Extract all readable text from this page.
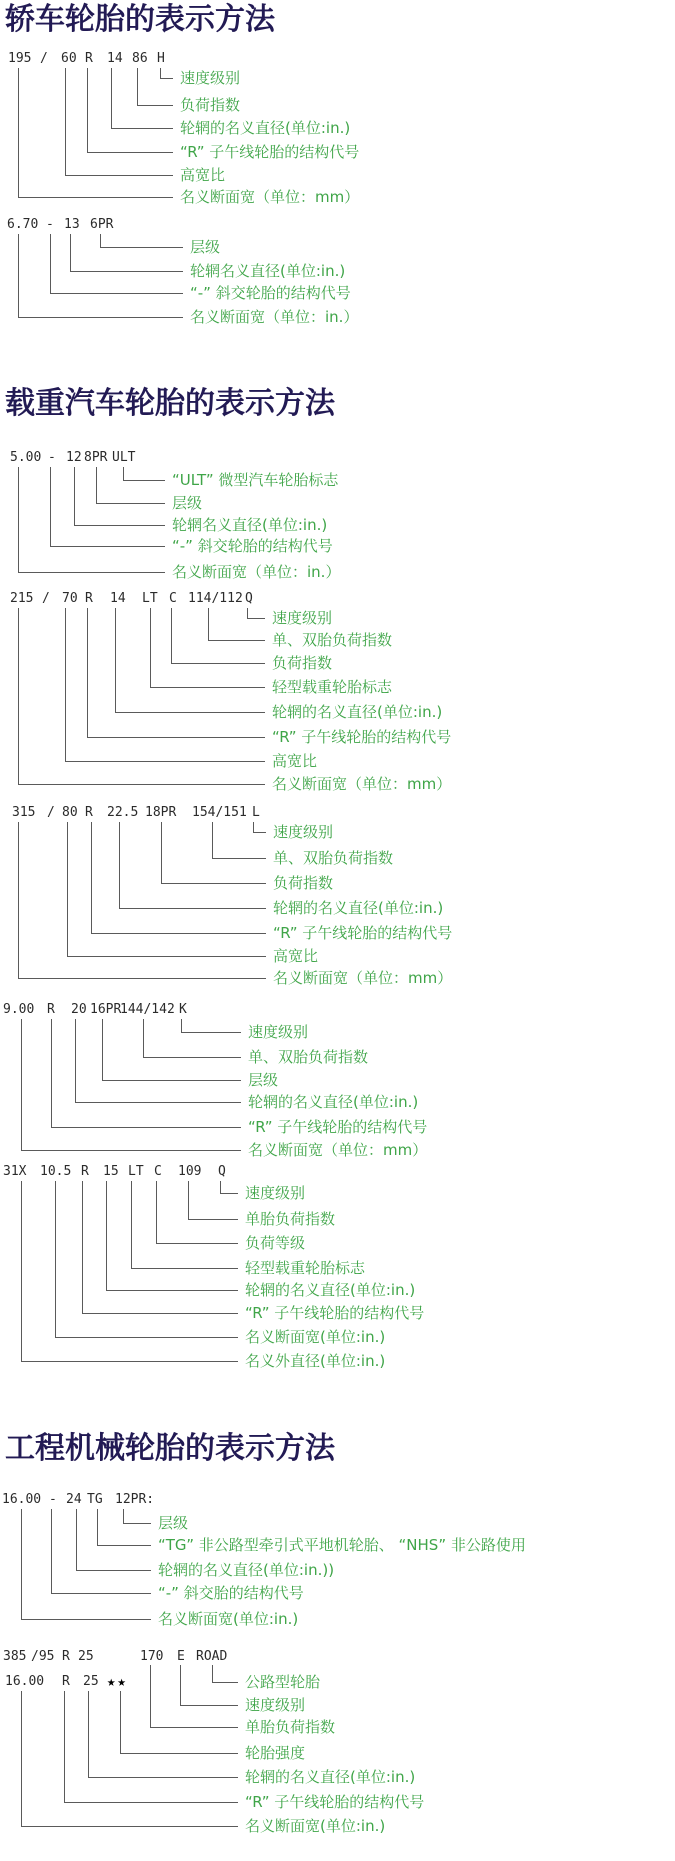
轿车轮胎的表示方法
载重汽车轮胎的表示方法
工程机械轮胎的表示方法
195 / 60 R 14 86 H
速度级别
负荷指数
轮辋的名义直径(单位:in.)
“R” 子午线轮胎的结构代号
高宽比
名义断面宽（单位：mm）
6.70 - 13 6PR
层级
轮辋名义直径(单位:in.)
“-” 斜交轮胎的结构代号
名义断面宽（单位：in.）
5.00 - 12 8PR ULT
“ULT” 微型汽车轮胎标志
层级
轮辋名义直径(单位:in.)
“-” 斜交轮胎的结构代号
名义断面宽（单位：in.）
215 / 70 R 14 LT C 114/112 Q
速度级别
单、双胎负荷指数
负荷指数
轻型载重轮胎标志
轮辋的名义直径(单位:in.)
“R” 子午线轮胎的结构代号
高宽比
名义断面宽（单位：mm）
315 / 80 R 22.5 18PR 154/151 L
速度级别
单、双胎负荷指数
负荷指数
轮辋的名义直径(单位:in.)
“R” 子午线轮胎的结构代号
高宽比
名义断面宽（单位：mm）
9.00 R 20 16PR
144/142 K
速度级别
单、双胎负荷指数
层级
轮辋的名义直径(单位:in.)
“R” 子午线轮胎的结构代号
名义断面宽（单位：mm）
31X 10.5 R 15 LT C 109 Q
速度级别
单胎负荷指数
负荷等级
轻型载重轮胎标志
轮辋的名义直径(单位:in.)
“R” 子午线轮胎的结构代号
名义断面宽(单位:in.)
名义外直径(单位:in.)
16.00 - 24 TG 12PR:
层级
“TG” 非公路型牵引式平地机轮胎、 “NHS” 非公路使用
轮辋的名义直径(单位:in.))
“-” 斜交胎的结构代号
名义断面宽(单位:in.)
385 /95 R 25	170 E ROAD
16.00 R 25 ★★	公路型轮胎
速度级别
单胎负荷指数
轮胎强度
轮辋的名义直径(单位:in.)
“R” 子午线轮胎的结构代号
名义断面宽(单位:in.)
